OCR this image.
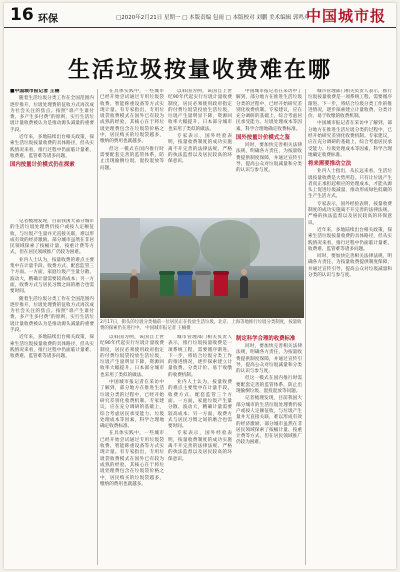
16 环保	□2020年2月21日 星期一 □ 本版责编 包雨 □ 本版校对 刘鹏 美术编辑 郭鸣舟
中国城市报
生活垃圾按量收费难在哪

■中国城市报记者 王楠

随着生活垃圾分类工作在全国范围内逐步推开，垃圾处理费的征收方式再次成为社会关注的焦点。按照“谁产生谁付费、多产生多付费”的原则，实行生活垃圾计量收费被认为是推动源头减量的重要手段。

近年来，多地陆续出台相关政策，探索生活垃圾按量收费的具体路径，但从实践情况来看，推行过程中仍面临计量难、收费难、监管难等诸多问题。

国内按量计价模式仍在探索

记者梳理发现，目前我国大部分城市的生活垃圾处理费仍按户或按人定额征收，与垃圾产生量并无直接关联，难以形成有效的经济激励。部分城市虽然在非居民领域探索了按桶计量、按重计费等方式，但在居民领域推广仍较为困难。

业内人士认为，按量收费的难点主要集中在计量手段、收费方式、配套监管三个方面。一方面，家庭垃圾产生量分散、波动大，精确计量需要较高成本；另一方面，收费方式与居民习惯之间的磨合也需要时间。

随着生活垃圾分类工作在全国范围内逐步推开，垃圾处理费的征收方式再次成为社会关注的焦点。按照“谁产生谁付费、多产生多付费”的原则，实行生活垃圾计量收费被认为是推动源头减量的重要手段。

近年来，多地陆续出台相关政策，探索生活垃圾按量收费的具体路径，但从实践情况来看，推行过程中仍面临计量难、收费难、监管难等诸多问题。

在具体实践中，一些城市已经开始尝试通过专用垃圾袋收费、智能称重设备等方式实现计量。有专家指出，专用垃圾袋收费模式在国外已有较为成熟的经验，其核心在于将垃圾处理费包含在垃圾袋价格之中，居民购买的垃圾袋越多，缴纳的费用也就越多。

但这一模式在国内推行时需要配套完善的监管体系，防止出现偷倒垃圾、混投混放等问题。

以韩国为例，该国自上世纪90年代起实行垃圾计量收费制度，居民必须使用政府指定的付费垃圾袋投放生活垃圾，垃圾产生量明显下降，资源回收率大幅提升。日本部分城市也采用了类似的做法。

专家表示，国外经验表明，按量收费制度的成功实施离不开完善的法律法规、严格的执法监督以及居民较高的环保意识。

中国城市报记者在采访中了解到，部分地方在推进生活垃圾分类的过程中，已经开始研究差别化收费机制。专家建议，应在充分调研的基础上，综合考虑居民承受能力、垃圾处理成本等因素，科学合理地确定收费标准。

国外按量计价模式之鉴

同时，要加快完善相关法律法规，明确各方责任，为按量收费提供制度保障，并通过宣传引导，提高公众对垃圾减量和分类的认识与参与度。

2月17日，街头的垃圾分类桶前一位居民正在投放生活垃圾。北京、上海等地推行垃圾分类制度，按量收费的探索仍在进行中。 中国城市报记者 王楠摄

以韩国为例，该国自上世纪90年代起实行垃圾计量收费制度，居民必须使用政府指定的付费垃圾袋投放生活垃圾，垃圾产生量明显下降，资源回收率大幅提升。日本部分城市也采用了类似的做法。

中国城市报记者在采访中了解到，部分地方在推进生活垃圾分类的过程中，已经开始研究差别化收费机制。专家建议，应在充分调研的基础上，综合考虑居民承受能力、垃圾处理成本等因素，科学合理地确定收费标准。

在具体实践中，一些城市已经开始尝试通过专用垃圾袋收费、智能称重设备等方式实现计量。有专家指出，专用垃圾袋收费模式在国外已有较为成熟的经验，其核心在于将垃圾处理费包含在垃圾袋价格之中，居民购买的垃圾袋越多，缴纳的费用也就越多。

城市管理部门相关负责人表示，推行垃圾按量收费是一项系统工程，需要循序渐进。下一步，将结合垃圾分类工作的推进情况，逐步探索建立计量收费、分类计价、易于收缴的收费机制。

业内人士认为，按量收费的难点主要集中在计量手段、收费方式、配套监管三个方面。一方面，家庭垃圾产生量分散、波动大，精确计量需要较高成本；另一方面，收费方式与居民习惯之间的磨合也需要时间。

专家表示，国外经验表明，按量收费制度的成功实施离不开完善的法律法规、严格的执法监督以及居民较高的环保意识。

制定科学合理的收费标准

同时，要加快完善相关法律法规，明确各方责任，为按量收费提供制度保障，并通过宣传引导，提高公众对垃圾减量和分类的认识与参与度。

但这一模式在国内推行时需要配套完善的监管体系，防止出现偷倒垃圾、混投混放等问题。

记者梳理发现，目前我国大部分城市的生活垃圾处理费仍按户或按人定额征收，与垃圾产生量并无直接关联，难以形成有效的经济激励。部分城市虽然在非居民领域探索了按桶计量、按重计费等方式，但在居民领域推广仍较为困难。

城市管理部门相关负责人表示，推行垃圾按量收费是一项系统工程，需要循序渐进。下一步，将结合垃圾分类工作的推进情况，逐步探索建立计量收费、分类计价、易于收缴的收费机制。

中国城市报记者在采访中了解到，部分地方在推进生活垃圾分类的过程中，已经开始研究差别化收费机制。专家建议，应在充分调研的基础上，综合考虑居民承受能力、垃圾处理成本等因素，科学合理地确定收费标准。

将来需要推动立法

业内人士指出，从长远来看，生活垃圾按量收费是大势所趋。只有让垃圾产生者真正承担起相应的处理成本，才能从源头上促进垃圾减量，推动形成绿色低碳的生产生活方式。

专家表示，国外经验表明，按量收费制度的成功实施离不开完善的法律法规、严格的执法监督以及居民较高的环保意识。

近年来，多地陆续出台相关政策，探索生活垃圾按量收费的具体路径，但从实践情况来看，推行过程中仍面临计量难、收费难、监管难等诸多问题。

同时，要加快完善相关法律法规，明确各方责任，为按量收费提供制度保障，并通过宣传引导，提高公众对垃圾减量和分类的认识与参与度。
